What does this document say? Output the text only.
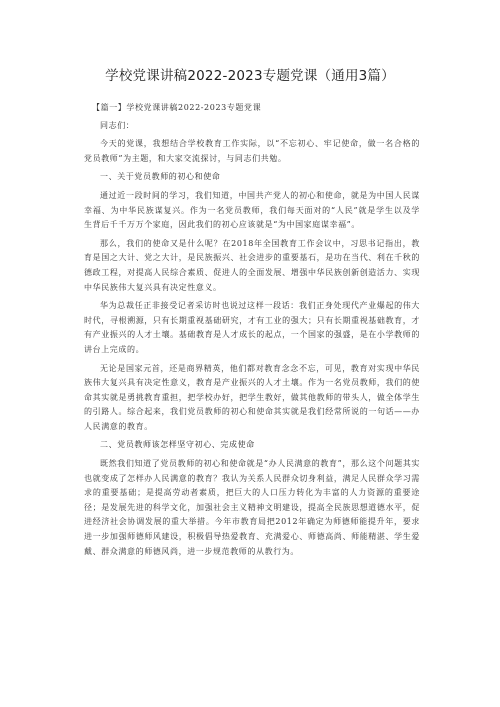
学校党课讲稿2022-2023专题党课（通用3篇）

【篇一】学校党课讲稿2022-2023专题党课

同志们：

今天的党课，我想结合学校教育工作实际，以“不忘初心、牢记使命，做一名合格的党员教师”为主题，和大家交流探讨，与同志们共勉。

一、关于党员教师的初心和使命

通过近一段时间的学习，我们知道，中国共产党人的初心和使命，就是为中国人民谋幸福、为中华民族谋复兴。作为一名党员教师，我们每天面对的“人民”就是学生以及学生背后千千万万个家庭，因此我们的初心应该就是“为中国家庭谋幸福”。

那么，我们的使命又是什么呢？在2018年全国教育工作会议中，习思书记指出，教育是国之大计、党之大计，是民族振兴、社会进步的重要基石，是功在当代、利在千秋的德政工程，对提高人民综合素质、促进人的全面发展、增强中华民族创新创造活力、实现中华民族伟大复兴具有决定性意义。

华为总裁任正非接受记者采访时也说过这样一段话：我们正身处现代产业爆起的伟大时代，寻根溯源，只有长期重视基础研究，才有工业的强大；只有长期重视基础教育，才有产业振兴的人才土壤。基础教育是人才成长的起点，一个国家的强盛，是在小学教师的讲台上完成的。

无论是国家元首，还是商界精英，他们都对教育念念不忘，可见，教育对实现中华民族伟大复兴具有决定性意义，教育是产业振兴的人才土壤。作为一名党员教师，我们的使命其实就是勇挑教育重担，把学校办好，把学生教好，做其他教师的带头人，做全体学生的引路人。综合起来，我们党员教师的初心和使命其实就是我们经常所说的一句话——办人民满意的教育。

二、党员教师该怎样坚守初心、完成使命

既然我们知道了党员教师的初心和使命就是“办人民满意的教育”，那么这个问题其实也就变成了怎样办人民满意的教育？我认为关系人民群众切身利益，满足人民群众学习需求的重要基础；是提高劳动者素质，把巨大的人口压力转化为丰富的人力资源的重要途径；是发展先进的科学文化，加强社会主义精神文明建设，提高全民族思想道德水平，促进经济社会协调发展的重大举措。今年市教育局把2012年确定为师德师能提升年，要求进一步加强师德师风建设，积极倡导热爱教育、充满爱心、师德高尚、师能精湛、学生爱戴、群众满意的师德风尚，进一步规范教师的从教行为。
